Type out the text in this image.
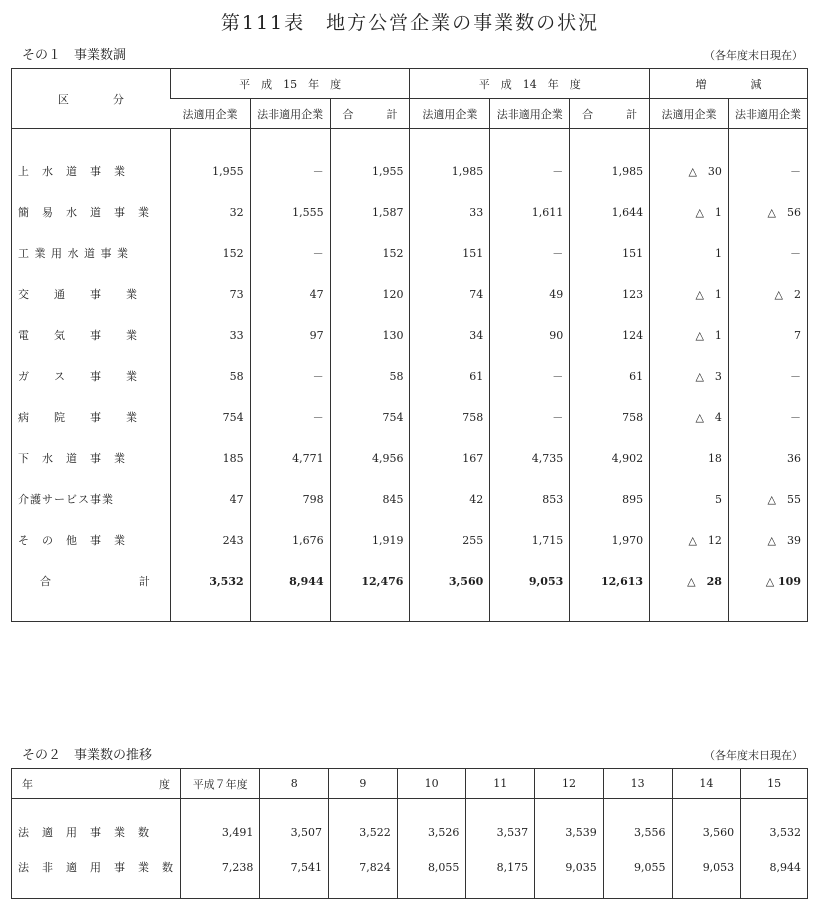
第111表　地方公営企業の事業数の状況
その１　事業数調	（各年度末日現在）
区　　　　分	平　成　15　年　度			平　成　14　年　度			増　　　　減	
	法適用企業	法非適用企業	合　　　計	法適用企業	法非適用企業	合　　　計	法適用企業	法非適用企業

上　水　道　事　業	1,955	－	1,955	1,985	－	1,985	△　30	－
簡　易　水　道　事　業	32	1,555	1,587	33	1,611	1,644	△　1	△　56
工 業 用 水 道 事 業	152	－	152	151	－	151	1	－
交　　通　　事　　業	73	47	120	74	49	123	△　1	△　2
電　　気　　事　　業	33	97	130	34	90	124	△　1	7
ガ　　ス　　事　　業	58	－	58	61	－	61	△　3	－
病　　院　　事　　業	754	－	754	758	－	758	△　4	－
下　水　道　事　業	185	4,771	4,956	167	4,735	4,902	18	36
介護サービス事業	47	798	845	42	853	895	5	△　55
そ　の　他　事　業	243	1,676	1,919	255	1,715	1,970	△　12	△　39

合 計	3,532	8,944	12,476	3,560	9,053	12,613	△　28	△ 109

その２　事業数の推移	（各年度末日現在）
年 度	平成７年度	8	9	10	11	12	13	14	15

法　適　用　事　業　数	3,491	3,507	3,522	3,526	3,537	3,539	3,556	3,560	3,532
法　非　適　用　事　業　数	7,238	7,541	7,824	8,055	8,175	9,035	9,055	9,053	8,944
